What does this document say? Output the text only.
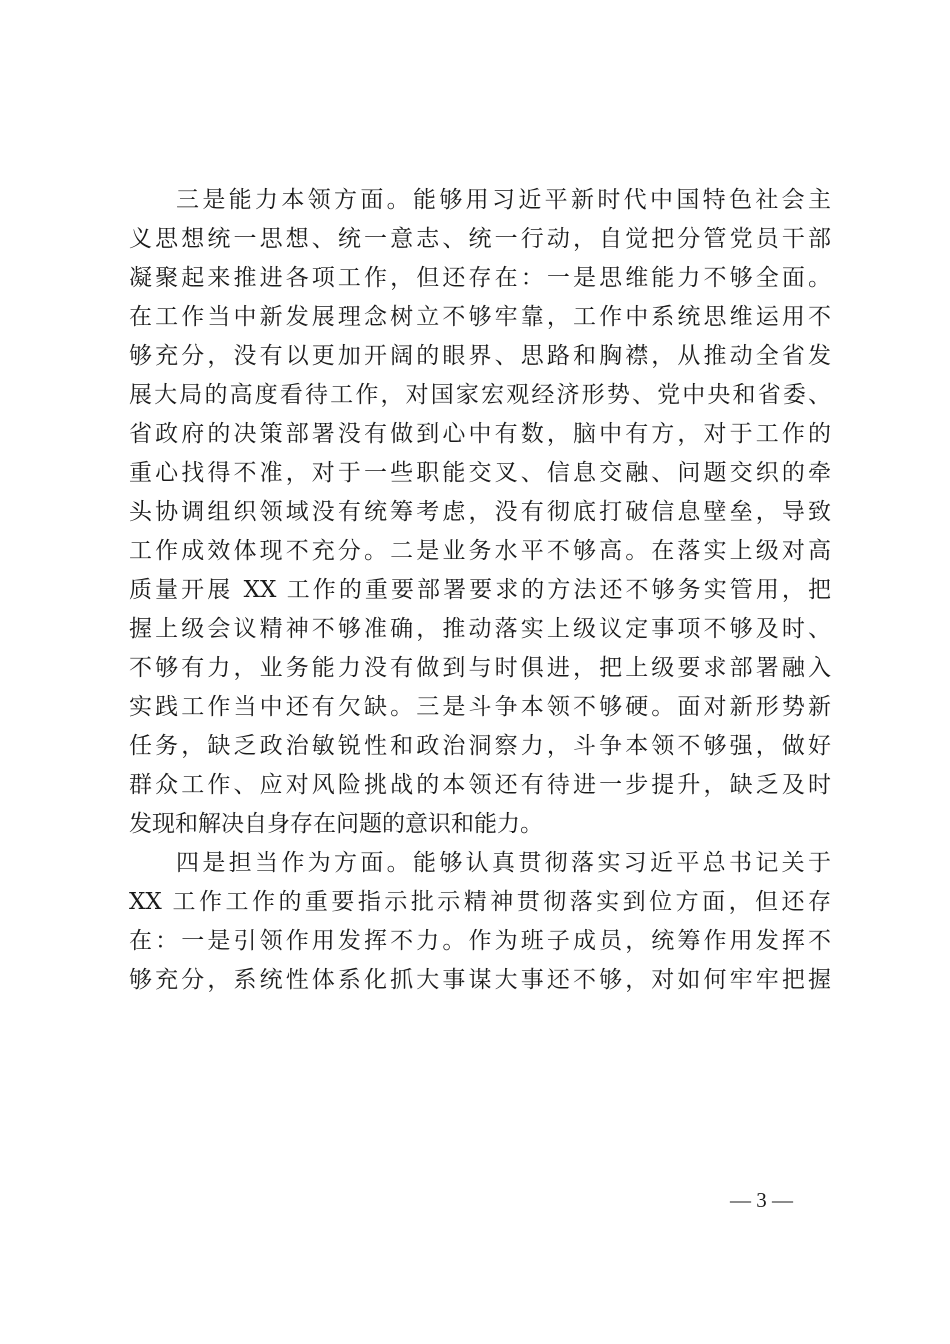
三是能力本领方面。能够用习近平新时代中国特色社会主

义思想统一思想、统一意志、统一行动，自觉把分管党员干部

凝聚起来推进各项工作，但还存在：一是思维能力不够全面。

在工作当中新发展理念树立不够牢靠，工作中系统思维运用不

够充分，没有以更加开阔的眼界、思路和胸襟，从推动全省发

展大局的高度看待工作，对国家宏观经济形势、党中央和省委、

省政府的决策部署没有做到心中有数，脑中有方，对于工作的

重心找得不准，对于一些职能交叉、信息交融、问题交织的牵

头协调组织领域没有统筹考虑，没有彻底打破信息壁垒，导致

工作成效体现不充分。二是业务水平不够高。在落实上级对高

质量开展 XX 工作的重要部署要求的方法还不够务实管用，把

握上级会议精神不够准确，推动落实上级议定事项不够及时、

不够有力，业务能力没有做到与时俱进，把上级要求部署融入

实践工作当中还有欠缺。三是斗争本领不够硬。面对新形势新

任务，缺乏政治敏锐性和政治洞察力，斗争本领不够强，做好

群众工作、应对风险挑战的本领还有待进一步提升，缺乏及时

发现和解决自身存在问题的意识和能力。

四是担当作为方面。能够认真贯彻落实习近平总书记关于

XX 工作工作的重要指示批示精神贯彻落实到位方面，但还存

在：一是引领作用发挥不力。作为班子成员，统筹作用发挥不

够充分，系统性体系化抓大事谋大事还不够，对如何牢牢把握

— 3 —
